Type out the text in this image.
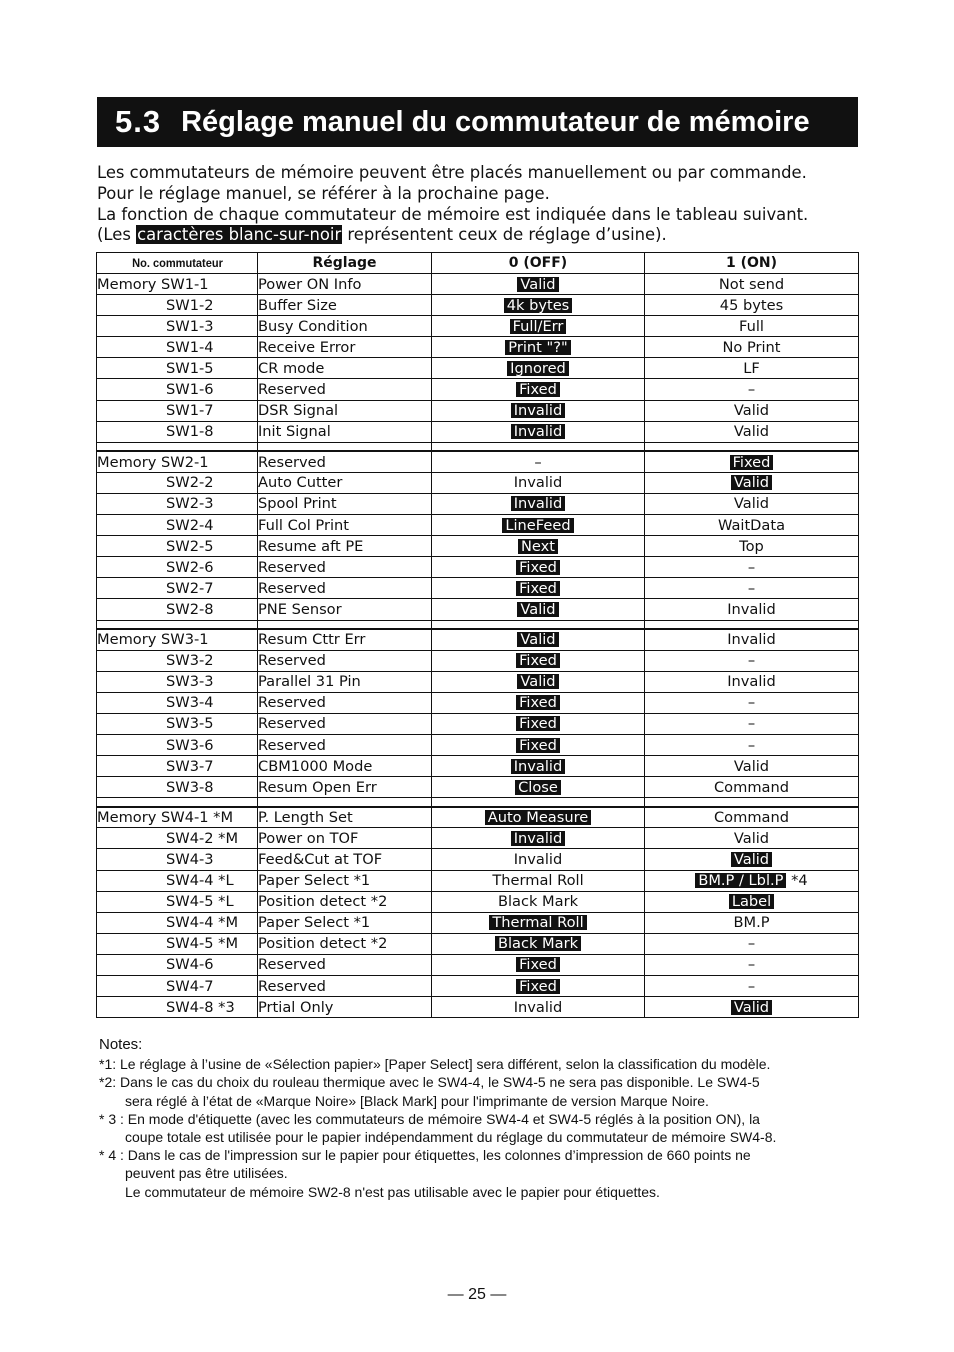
5.3 Réglage manuel du commutateur de mémoire
Les commutateurs de mémoire peuvent être placés manuellement ou par commande.
Pour le réglage manuel, se référer à la prochaine page.
La fonction de chaque commutateur de mémoire est indiquée dans le tableau suivant.
(Les caractères blanc-sur-noir représentent ceux de réglage d’usine).
No. commutateur	Réglage	0 (OFF)	1 (ON)
Memory SW1-1	Power ON Info	Valid	Not send
SW1-2	Buffer Size	4k bytes	45 bytes
SW1-3	Busy Condition	Full/Err	Full
SW1-4	Receive Error	Print "?"	No Print
SW1-5	CR mode	Ignored	LF
SW1-6	Reserved	Fixed	–
SW1-7	DSR Signal	Invalid	Valid
SW1-8	Init Signal	Invalid	Valid

Memory SW2-1	Reserved	–	Fixed
SW2-2	Auto Cutter	Invalid	Valid
SW2-3	Spool Print	Invalid	Valid
SW2-4	Full Col Print	LineFeed	WaitData
SW2-5	Resume aft PE	Next	Top
SW2-6	Reserved	Fixed	–
SW2-7	Reserved	Fixed	–
SW2-8	PNE Sensor	Valid	Invalid

Memory SW3-1	Resum Cttr Err	Valid	Invalid
SW3-2	Reserved	Fixed	–
SW3-3	Parallel 31 Pin	Valid	Invalid
SW3-4	Reserved	Fixed	–
SW3-5	Reserved	Fixed	–
SW3-6	Reserved	Fixed	–
SW3-7	CBM1000 Mode	Invalid	Valid
SW3-8	Resum Open Err	Close	Command

Memory SW4-1 *M	P. Length Set	Auto Measure	Command
SW4-2 *M	Power on TOF	Invalid	Valid
SW4-3	Feed&Cut at TOF	Invalid	Valid
SW4-4 *L	Paper Select *1	Thermal Roll	BM.P / Lbl.P *4
SW4-5 *L	Position detect *2	Black Mark	Label
SW4-4 *M	Paper Select *1	Thermal Roll	BM.P
SW4-5 *M	Position detect *2	Black Mark	–
SW4-6	Reserved	Fixed	–
SW4-7	Reserved	Fixed	–
SW4-8 *3	Prtial Only	Invalid	Valid
Notes:
*1: Le réglage à l’usine de «Sélection papier» [Paper Select] sera différent, selon la classification du modèle.
*2: Dans le cas du choix du rouleau thermique avec le SW4-4, le SW4-5 ne sera pas disponible. Le SW4-5
sera réglé à l’état de «Marque Noire» [Black Mark] pour l'imprimante de version Marque Noire.
* 3 : En mode d'étiquette (avec les commutateurs de mémoire SW4-4 et SW4-5 réglés à la position ON), la
coupe totale est utilisée pour le papier indépendamment du réglage du commutateur de mémoire SW4-8.
* 4 : Dans le cas de l'impression sur le papier pour étiquettes, les colonnes d’impression de 660 points ne
peuvent pas être utilisées.
Le commutateur de mémoire SW2-8 n'est pas utilisable avec le papier pour étiquettes.
— 25 —
